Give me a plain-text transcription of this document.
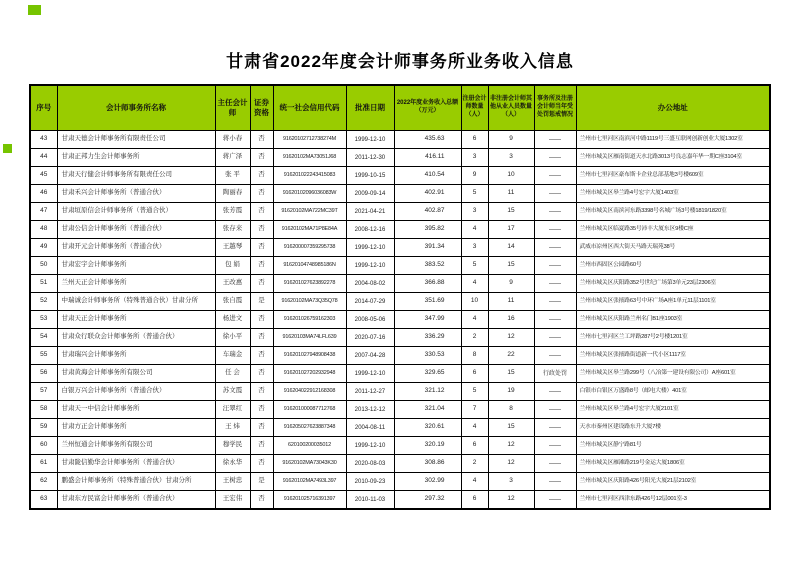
甘肃省2022年度会计师事务所业务收入信息
序号	会计师事务所名称	主任会计师	证券资格	统一社会信用代码	批准日期	2022年度业务收入总额（万元）	注册会计师数量（人）	非注册会计师其他从业人员数量（人）	事务所及注册会计师当年受处罚惩戒情况	办公地址
43	甘肃天德会计师事务所有限责任公司	蒋小春	否	91620102712738274M	1999-12-10	435.63	6	9	——	兰州市七里河区南滨河中路1119号三盛互联网创新创业大厦1302室
44	甘肃正邦力生会计师事务所	蒋广泽	否	91620102MA73051J68	2011-12-30	416.11	3	3	——	兰州市城关区雁南街道天水北路3013号良志嘉年华一期C座3104室
45	甘肃天行健会计师事务所有限责任公司	张 平	否	916201022243415083	1999-10-15	410.54	9	10	——	兰州市七里河区豪布斯卡企业总部基地3号楼609室
46	甘肃禾兴会计师事务所（普通合伙）	陶丽春	否	91620102096036083W	2009-09-14	402.91	5	11	——	兰州市城关区皋兰路4号宏宇大厦1403室
47	甘肃垣原信会计师事务所（普通合伙）	张芳霞	否	91620102MA722MC39T	2021-04-21	402.87	3	15	——	兰州市城关区南滨河东路3398号名城广场3号楼1819/1820室
48	甘肃公信会计师事务所（普通合伙）	张存来	否	91620102MA71P8E84A	2008-12-16	395.82	4	17	——	兰州市城关区临夏路35号沛丰大厦东区9楼C座
49	甘肃开元会计师事务所（普通合伙）	王越琴	否	916200007359295738	1999-12-10	391.34	3	14	——	武威市凉州区西大街天马路天瑞苑38号
50	甘肃宏宇会计师事务所	包 娟	否	91620104748985186N	1999-12-10	383.52	5	15	——	兰州市西固区公园路60号
51	兰州天正会计师事务所	王改惠	否	916201027623892278	2004-08-02	366.88	4	9	——	兰州市城关区庆阳路352号世纪广场第3单元23层2306室
52	中瑞诚会计师事务所（特殊普通合伙）甘肃分所	张自霞	是	91620102MA73Q35Q78	2014-07-29	351.69	10	11	——	兰州市城关区张掖路63号中环广场A座1单元11层1101室
53	甘肃天正会计师事务所	杨进文	否	916201026759162303	2008-05-06	347.99	4	16	——	兰州市城关区庆阳路兰州名门B1座1903室
54	甘肃众行联众会计师事务所（普通合伙）	徐小平	否	91620103MA74LFL639	2020-07-16	336.29	2	12	——	兰州市七里河区兰工坪路287号2号楼1201室
55	甘肃瑞兴会计师事务所	车瑞金	否	916201027948908438	2007-04-28	330.53	8	22	——	兰州市城关区张掖路街道新一代小区1117室
56	甘肃黄海会计师事务所有限公司	任 会	否	916201027202932948	1999-12-10	329.65	6	15	行政处罚	兰州市城关区皋兰路299号（八冶第一建设有限公司）A座601室
57	白银万兴会计师事务所（普通合伙）	苏文霞	否	916204022912168308	2011-12-27	321.12	5	19	——	白银市白银区万盛路8号（邮电大楼）401室
58	甘肃天一中信会计师事务所	汪翠红	否	916201000087712768	2013-12-12	321.04	7	8	——	兰州市城关区皋兰路4号宏宇大厦2101室
59	甘肃方正会计师事务所	王 炜	否	916205027623887348	2004-08-11	320.61	4	15	——	天水市秦州区建设路东升大厦7楼
60	兰州恒通会计师事务所有限公司	穆学民	否	620100200035012	1999-12-10	320.19	6	12	——	兰州市城关区静宁路81号
61	甘肃陇信勤华会计师事务所（普通合伙）	徐永华	否	91620102MA73043K30	2020-08-03	308.86	2	12	——	兰州市城关区雁滩路219号金运大厦1806室
62	鹏盛会计师事务所（特殊普通合伙）甘肃分所	王树忠	是	91620102MA7493L397	2010-09-23	302.99	4	3	——	兰州市城关区庆阳路426号阳光大厦21层2102室
63	甘肃东方民富会计师事务所（普通合伙）	王宏伟	否	916201025716391397	2010-11-03	297.32	6	12	——	兰州市七里河区西津东路426号12层001室-3
